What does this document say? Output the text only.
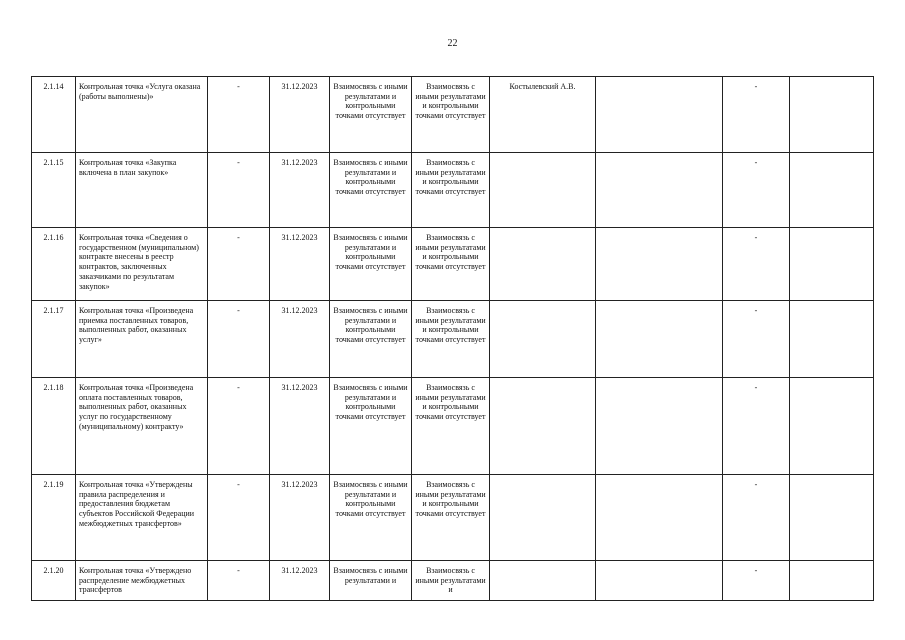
22
2.1.14	Контрольная точка «Услуга оказана (работы выполнены)»	-	31.12.2023	Взаимосвязь с иными результатами и контрольными точками отсутствует	Взаимосвязь с иными результатами и контрольными точками отсутствует	Костылевский А.В.		-	
2.1.15	Контрольная точка «Закупка включена в план закупок»	-	31.12.2023	Взаимосвязь с иными результатами и контрольными точками отсутствует	Взаимосвязь с иными результатами и контрольными точками отсутствует			-	
2.1.16	Контрольная точка «Сведения о государственном (муниципальном) контракте внесены в реестр контрактов, заключенных заказчиками по результатам закупок»	-	31.12.2023	Взаимосвязь с иными результатами и контрольными точками отсутствует	Взаимосвязь с иными результатами и контрольными точками отсутствует			-	
2.1.17	Контрольная точка «Произведена приемка поставленных товаров, выполненных работ, оказанных услуг»	-	31.12.2023	Взаимосвязь с иными результатами и контрольными точками отсутствует	Взаимосвязь с иными результатами и контрольными точками отсутствует			-	
2.1.18	Контрольная точка «Произведена оплата поставленных товаров, выполненных работ, оказанных услуг по государственному (муниципальному) контракту»	-	31.12.2023	Взаимосвязь с иными результатами и контрольными точками отсутствует	Взаимосвязь с иными результатами и контрольными точками отсутствует			-	
2.1.19	Контрольная точка «Утверждены правила распределения и предоставления бюджетам субъектов Российской Федерации межбюджетных трансфертов»	-	31.12.2023	Взаимосвязь с иными результатами и контрольными точками отсутствует	Взаимосвязь с иными результатами и контрольными точками отсутствует			-	
2.1.20	Контрольная точка «Утверждено распределение межбюджетных трансфертов	-	31.12.2023	Взаимосвязь с иными результатами и	Взаимосвязь с иными результатами и			-	
